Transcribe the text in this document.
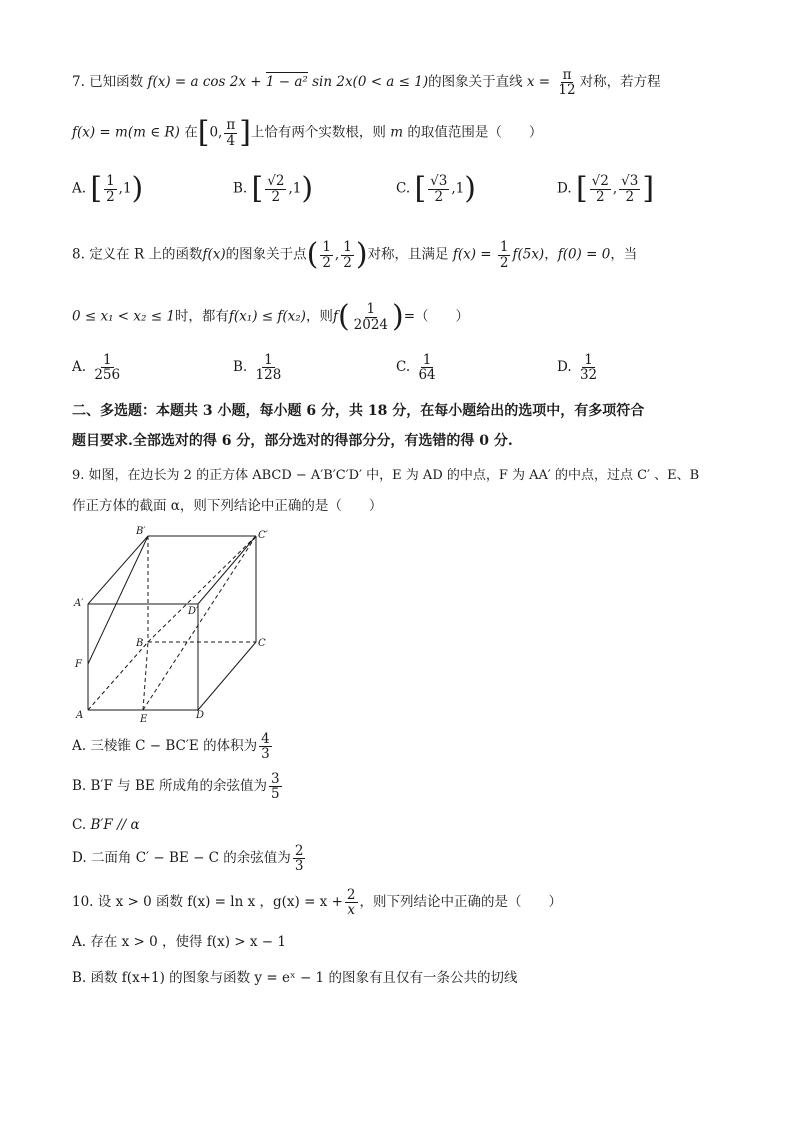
7. 已知函数 f(x) = a cos 2x + 1 − a² sin 2x(0 < a ≤ 1)的图象关于直线 $x = \frac{\pi}{12}$ 对称，若方程
f(x) = m(m ∈ R) 在[0, $\frac{\pi}{4}$ ]上恰有两个实数根，则 m 的取值范围是（　　）
A. [ $\frac{1}{2} ,1$)	B. [ $\frac{√2}{2} ,1$)	C. [ $\frac{√3}{2} ,1$)	D. [ $\frac{√2}{2}$ , $\frac{√3}{2}$ ]
8. 定义在 R 上的函数f(x)的图象关于点( $\frac{1}{2}$ , $\frac{1}{2}$ )对称，且满足 $f(x) = \frac{1}{2} f(5x)$，f(0) = 0，当
0 ≤ x₁ < x₂ ≤ 1时，都有f(x₁) ≤ f(x₂)，则$f( \frac{1}{2024}$ )=（　　）
A. $\frac{1}{256}$	B. $\frac{1}{128}$	C. $\frac{1}{64}$	D. $\frac{1}{32}$
二、多选题：本题共 3 小题，每小题 6 分，共 18 分，在每小题给出的选项中，有多项符合
题目要求.全部选对的得 6 分，部分选对的得部分分，有选错的得 0 分.
9. 如图，在边长为 2 的正方体 ABCD − A′B′C′D′ 中，E 为 AD 的中点，F 为 AA′ 的中点，过点 C′ 、E、B
作正方体的截面 α，则下列结论中正确的是（　　）
B′	C′
A′
D′
B	C
F
A	E	D
A. 三棱锥 C − BC′E 的体积为 $\frac{4}{3}$
B. B′F 与 BE 所成角的余弦值为 $\frac{3}{5}$
C. B′F // α
D. 二面角 C′ − BE − C 的余弦值为 $\frac{2}{3}$
10. 设 x > 0 函数 f(x) = ln x ，$g(x) = x + \frac{2}{x}$ ，则下列结论中正确的是（　　）
A. 存在 x > 0 ，使得 f(x) > x − 1
B. 函数 f(x+1) 的图象与函数 y = eˣ − 1 的图象有且仅有一条公共的切线
